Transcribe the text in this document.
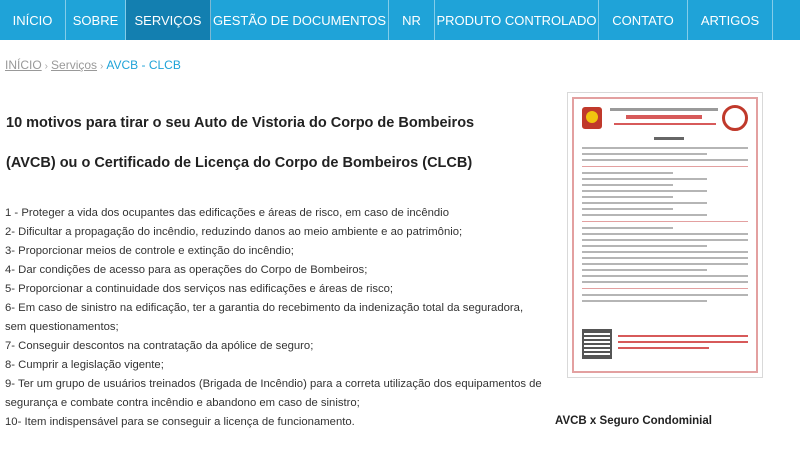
INÍCIO	SOBRE	SERVIÇOS GESTÃO DE DOCUMENTOS	NR	PRODUTO CONTROLADO	CONTATO	ARTIGOS
INÍCIO › Serviços › AVCB - CLCB
10 motivos para tirar o seu Auto de Vistoria do Corpo de Bombeiros (AVCB) ou o Certificado de Licença do Corpo de Bombeiros (CLCB)
1 - Proteger a vida dos ocupantes das edificações e áreas de risco, em caso de incêndio
2- Dificultar a propagação do incêndio, reduzindo danos ao meio ambiente e ao patrimônio;
3- Proporcionar meios de controle e extinção do incêndio;
4- Dar condições de acesso para as operações do Corpo de Bombeiros;
5- Proporcionar a continuidade dos serviços nas edificações e áreas de risco;
6- Em caso de sinistro na edificação, ter a garantia do recebimento da indenização total da seguradora, sem questionamentos;
7- Conseguir descontos na contratação da apólice de seguro;
8- Cumprir a legislação vigente;
9- Ter um grupo de usuários treinados (Brigada de Incêndio) para a correta utilização dos equipamentos de segurança e combate contra incêndio e abandono em caso de sinistro;
10- Item indispensável para se conseguir a licença de funcionamento.	AVCB x Seguro Condominial
